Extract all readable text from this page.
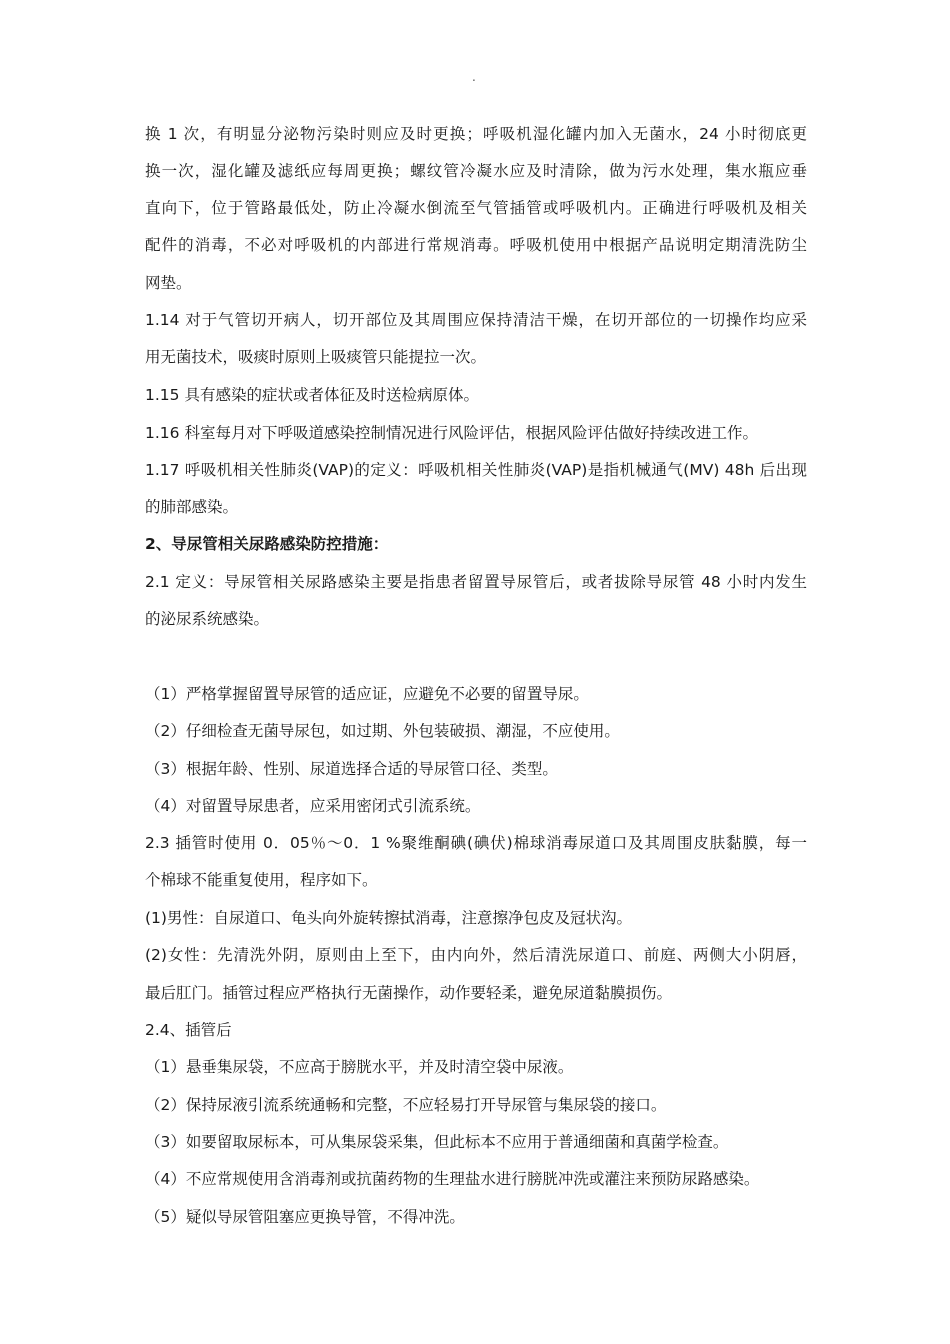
.
换 1 次，有明显分泌物污染时则应及时更换；呼吸机湿化罐内加入无菌水，24 小时彻底更
换一次，湿化罐及滤纸应每周更换；螺纹管冷凝水应及时清除，做为污水处理，集水瓶应垂
直向下，位于管路最低处，防止冷凝水倒流至气管插管或呼吸机内。正确进行呼吸机及相关
配件的消毒，不必对呼吸机的内部进行常规消毒。呼吸机使用中根据产品说明定期清洗防尘
网垫。
1.14 对于气管切开病人，切开部位及其周围应保持清洁干燥，在切开部位的一切操作均应采
用无菌技术，吸痰时原则上吸痰管只能提拉一次。
1.15 具有感染的症状或者体征及时送检病原体。
1.16 科室每月对下呼吸道感染控制情况进行风险评估，根据风险评估做好持续改进工作。
1.17 呼吸机相关性肺炎(VAP)的定义：呼吸机相关性肺炎(VAP)是指机械通气(MV) 48h 后出现
的肺部感染。
2、导尿管相关尿路感染防控措施：
2.1 定义：导尿管相关尿路感染主要是指患者留置导尿管后，或者拔除导尿管 48 小时内发生
的泌尿系统感染。
（1）严格掌握留置导尿管的适应证，应避免不必要的留置导尿。
（2）仔细检查无菌导尿包，如过期、外包装破损、潮湿，不应使用。
（3）根据年龄、性别、尿道选择合适的导尿管口径、类型。
（4）对留置导尿患者，应采用密闭式引流系统。
2.3 插管时使用 0．05％～0．1 %聚维酮碘(碘伏)棉球消毒尿道口及其周围皮肤黏膜，每一
个棉球不能重复使用，程序如下。
(1)男性：自尿道口、龟头向外旋转擦拭消毒，注意擦净包皮及冠状沟。
(2)女性：先清洗外阴，原则由上至下，由内向外，然后清洗尿道口、前庭、两侧大小阴唇，
最后肛门。插管过程应严格执行无菌操作，动作要轻柔，避免尿道黏膜损伤。
2.4、插管后
（1）悬垂集尿袋，不应高于膀胱水平，并及时清空袋中尿液。
（2）保持尿液引流系统通畅和完整，不应轻易打开导尿管与集尿袋的接口。
（3）如要留取尿标本，可从集尿袋采集，但此标本不应用于普通细菌和真菌学检查。
（4）不应常规使用含消毒剂或抗菌药物的生理盐水进行膀胱冲洗或灌注来预防尿路感染。
（5）疑似导尿管阻塞应更换导管，不得冲洗。
